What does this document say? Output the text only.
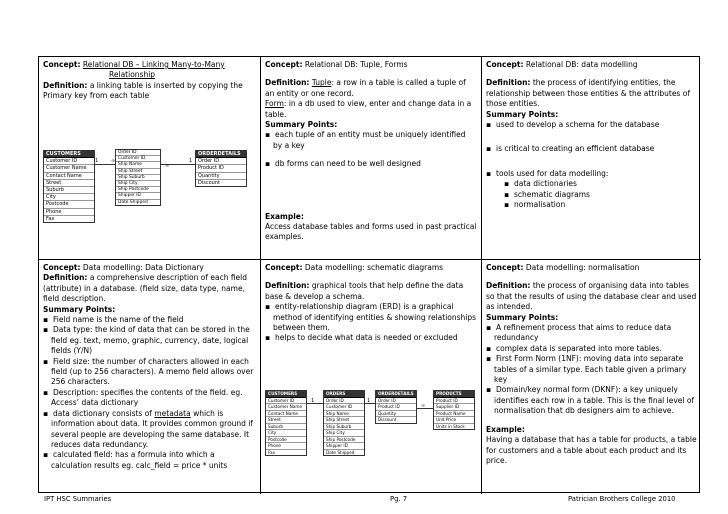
Concept: Relational DB – Linking Many-to-Many
Relationship
Definition: a linking table is inserted by copying the Primary key from each table
CUSTOMERS
Customer ID
Customer Name
Contact Name
Street
Suburb
City
Postcode
Phone
Fax
Order ID
Customer ID
Ship Name
Ship Street
Ship Suburb
Ship City
Ship Postcode
Shipper ID
Date Shipped
ORDERDETAILS
Order ID
Product ID
Quantity
Discount
1	∞
∞
1
Concept: Relational DB: Tuple, Forms
Definition: Tuple: a row in a table is called a tuple of an entity or one record.
Form: in a db used to view, enter and change data in a table.
Summary Points:
▪ each tuple of an entity must be uniquely identified by a key
▪ db forms can need to be well designed
Example:
Access database tables and forms used in past practical examples.
Concept: Relational DB: data modelling
Definition: the process of identifying entities, the relationship between those entities & the attributes of those entities.
Summary Points:
▪ used to develop a schema for the database
▪ is critical to creating an efficient database
▪ tools used for data modelling:
▪ data dictionaries
▪ schematic diagrams
▪ normalisation
Concept: Data modelling: Data Dictionary
Definition: a comprehensive description of each field (attribute) in a database. (field size, data type, name, field description.
Summary Points:
▪ Field name is the name of the field
▪ Data type: the kind of data that can be stored in the field eg. text, memo, graphic, currency, date, logical fields (Y/N)
▪ Field size: the number of characters allowed in each field (up to 256 characters). A memo field allows over 256 characters.
▪ Description: specifies the contents of the field. eg. Access’ data dictionary
▪ data dictionary consists of metadata which is information about data. It provides common ground if several people are developing the same database. It reduces data redundancy.
▪ calculated field: has a formula into which a calculation results eg. calc_field = price * units
Concept: Data modelling: schematic diagrams
Definition: graphical tools that help define the data base & develop a schema.
▪ entity-relationship diagram (ERD) is a graphical method of identifying entities & showing relationships between them.
▪ helps to decide what data is needed or excluded
CUSTOMERS
Customer ID
Customer Name
Contact Name
Street
Suburb
City
Postcode
Phone
Fax
ORDERS
Order ID
Customer ID
Ship Name
Ship Street
Ship Suburb
Ship City
Ship Postcode
Shipper ID
Date Shipped
ORDERDETAILS
Order ID
Product ID
Quantity
Discount
PRODUCTS
Product ID
Supplier ID
Product Name
Unit Price
Units in Stock
1	1
∞
Concept: Data modelling: normalisation
Definition: the process of organising data into tables so that the results of using the database clear and used as intended.
Summary Points:
▪ A refinement process that aims to reduce data redundancy
▪ complex data is separated into more tables.
▪ First Form Norm (1NF): moving data into separate tables of a similar type. Each table given a primary key
▪ Domain/key normal form (DKNF): a key uniquely identifies each row in a table. This is the final level of normalisation that db designers aim to achieve.
Example:
Having a database that has a table for products, a table for customers and a table about each product and its price.
IPT HSC Summaries	Pg. 7	Patrician Brothers College 2010
